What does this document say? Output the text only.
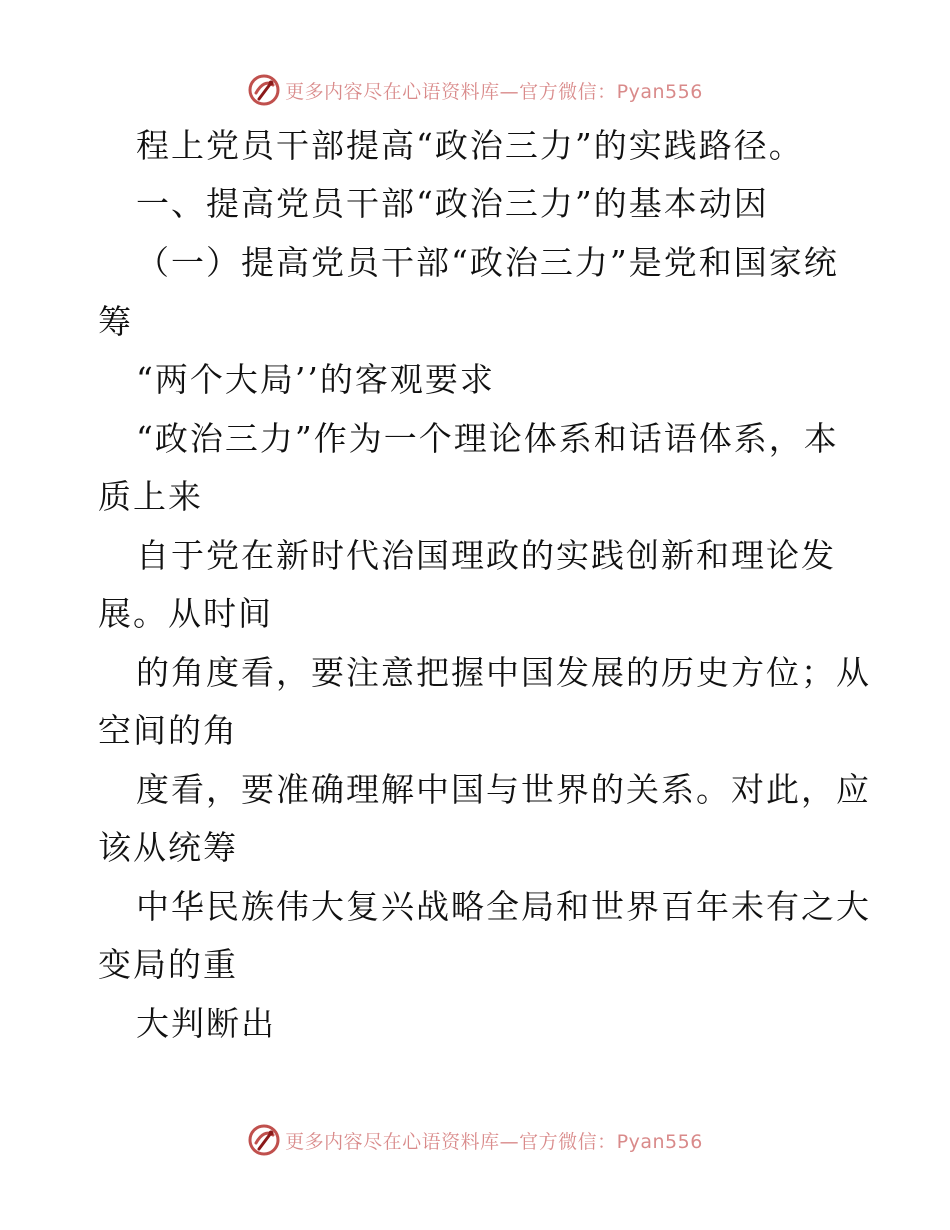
更多内容尽在心语资料库—官方微信：Pyan556
程上党员干部提高“政治三力”的实践路径。
一、提高党员干部“政治三力”的基本动因
（一）提高党员干部“政治三力”是党和国家统
筹
“两个大局’’的客观要求
“政治三力”作为一个理论体系和话语体系，本
质上来
自于党在新时代治国理政的实践创新和理论发
展。从时间
的角度看，要注意把握中国发展的历史方位；从
空间的角
度看，要准确理解中国与世界的关系。对此，应
该从统筹
中华民族伟大复兴战略全局和世界百年未有之大
变局的重
大判断出
更多内容尽在心语资料库—官方微信：Pyan556
